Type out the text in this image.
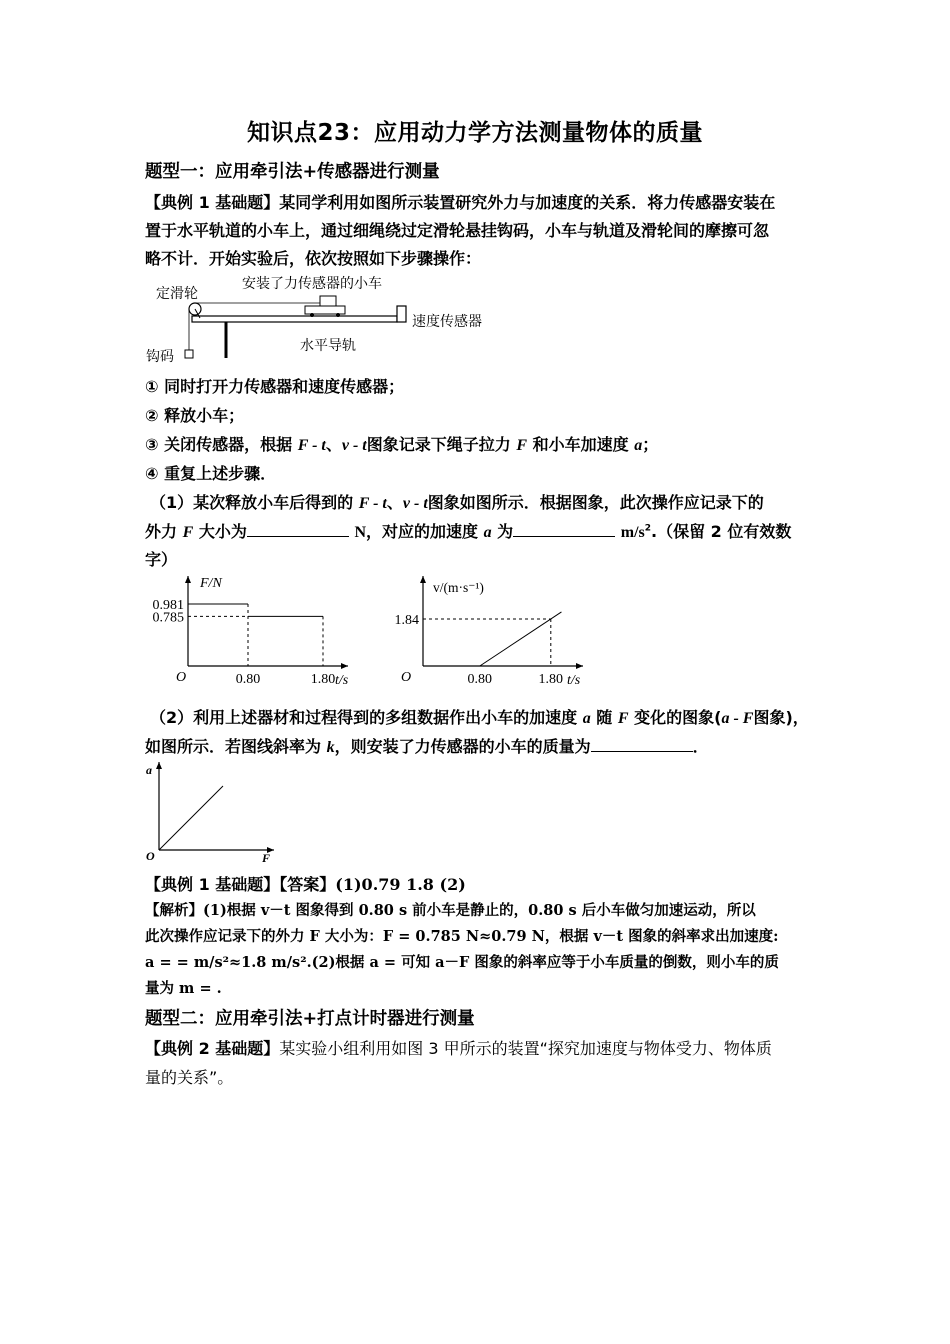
知识点23：应用动力学方法测量物体的质量
题型一：应用牵引法+传感器进行测量
【典例 1 基础题】某同学利用如图所示装置研究外力与加速度的关系．将力传感器安装在
置于水平轨道的小车上，通过细绳绕过定滑轮悬挂钩码，小车与轨道及滑轮间的摩擦可忽
略不计．开始实验后，依次按照如下步骤操作：
定滑轮
安装了力传感器的小车
速度传感器
水平导轨
钩码
① 同时打开力传感器和速度传感器；
② 释放小车；
③ 关闭传感器，根据 F - t、v - t图象记录下绳子拉力 F 和小车加速度 a；
④ 重复上述步骤．
（1）某次释放小车后得到的 F - t、v - t图象如图所示．根据图象，此次操作应记录下的
外力 F 大小为	N，对应的加速度 a 为	$m/s^2$.（保留 2 位有效数
字）
F/N
t/s
O
0.981
0.785
0.80	1.80
v/(m·s⁻¹)
t/s
O
1.84
0.80	1.80
（2）利用上述器材和过程得到的多组数据作出小车的加速度 a 随 F 变化的图象(a - F图象)，
如图所示．若图线斜率为 k，则安装了力传感器的小车的质量为	．
a
F
O
【典例 1 基础题】【答案】(1)0.79 1.8 (2)
【解析】(1)根据 v－t 图象得到 0.80 s 前小车是静止的，0.80 s 后小车做匀加速运动，所以
此次操作应记录下的外力 F 大小为：F = 0.785 N≈0.79 N，根据 v－t 图象的斜率求出加速度:
a = = m/s²≈1.8 m/s².(2)根据 a = 可知 a－F 图象的斜率应等于小车质量的倒数，则小车的质
量为 m = .
题型二：应用牵引法+打点计时器进行测量
【典例 2 基础题】某实验小组利用如图 3 甲所示的装置“探究加速度与物体受力、物体质
量的关系”。
